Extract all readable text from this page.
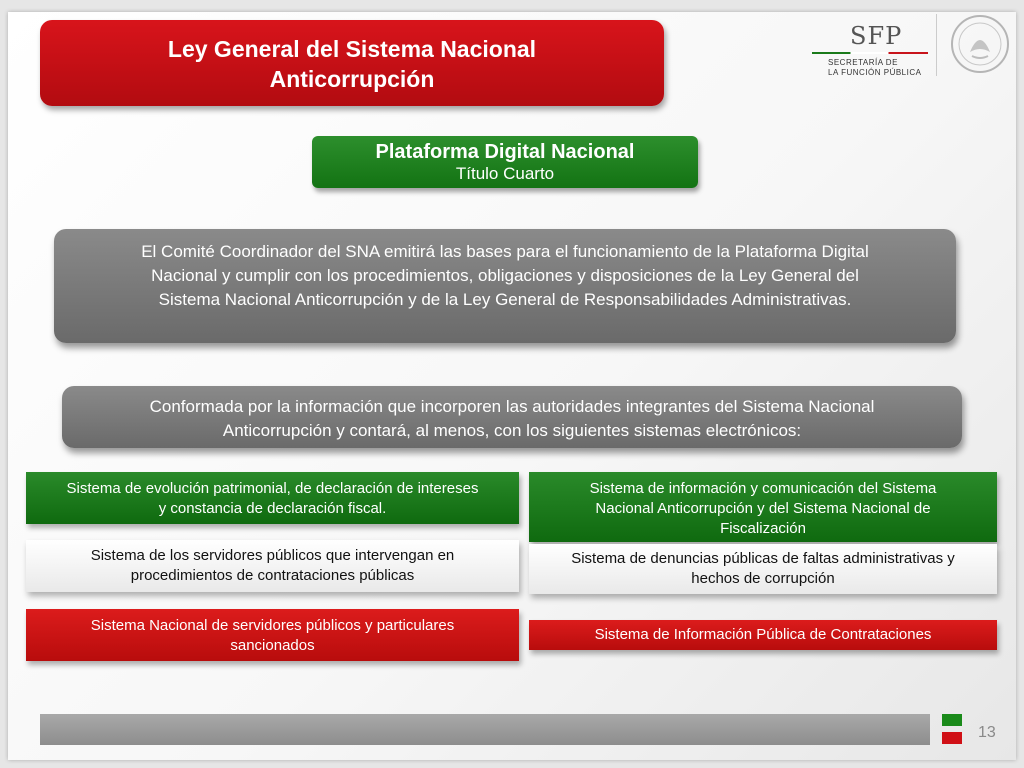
Ley General del Sistema Nacional
Anticorrupción
SFP
SECRETARÍA DE
LA FUNCIÓN PÚBLICA
Plataforma Digital Nacional
Título Cuarto
El Comité Coordinador del SNA emitirá las bases para el funcionamiento de la Plataforma Digital
Nacional y cumplir con los procedimientos, obligaciones y disposiciones de la Ley General del
Sistema Nacional Anticorrupción y de la Ley General de Responsabilidades Administrativas.
Conformada por la información que incorporen las autoridades integrantes del Sistema Nacional
Anticorrupción y contará, al menos, con los siguientes sistemas electrónicos:
Sistema de evolución patrimonial, de declaración de intereses
y constancia de declaración fiscal.
Sistema de los servidores públicos que intervengan en
procedimientos de contrataciones públicas
Sistema Nacional de servidores públicos y particulares
sancionados
Sistema de información y comunicación del Sistema
Nacional Anticorrupción y del Sistema Nacional de
Fiscalización
Sistema de denuncias públicas de faltas administrativas y
hechos de corrupción
Sistema de Información Pública de Contrataciones
13
